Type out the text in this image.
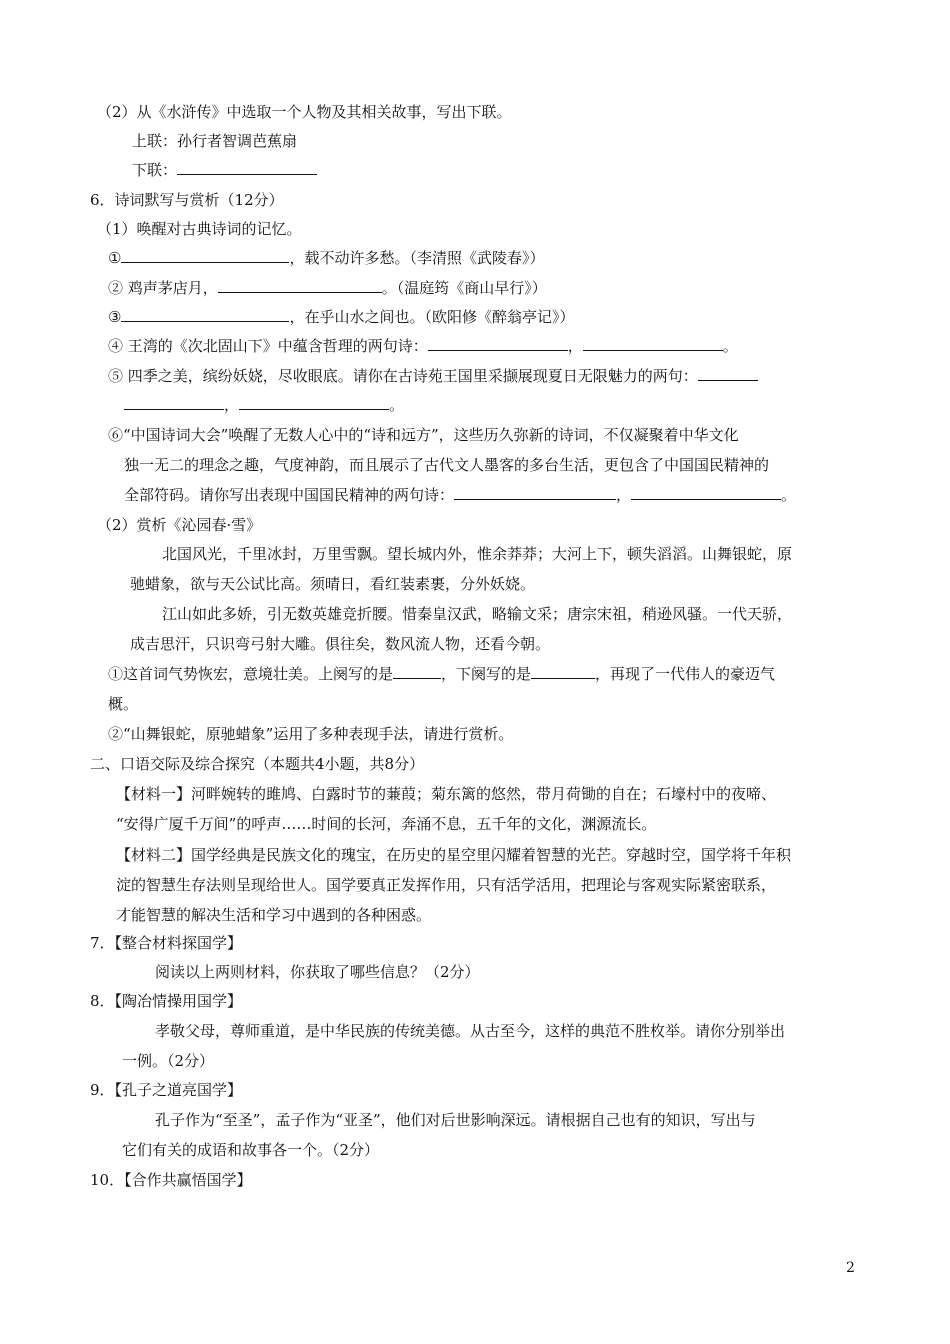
（2）从《水浒传》中选取一个人物及其相关故事，写出下联。
上联：孙行者智调芭蕉扇
下联：
6．诗词默写与赏析（12分）
（1）唤醒对古典诗词的记忆。
①	，载不动许多愁。（李清照《武陵春》）
② 鸡声茅店月，	。（温庭筠《商山早行》）
③	，在乎山水之间也。（欧阳修《醉翁亭记》）
④ 王湾的《次北固山下》中蕴含哲理的两句诗：	，	。
⑤ 四季之美，缤纷妖娆，尽收眼底。请你在古诗苑王国里采撷展现夏日无限魅力的两句：
，	。
⑥“中国诗词大会”唤醒了无数人心中的“诗和远方”，这些历久弥新的诗词，不仅凝聚着中华文化
独一无二的理念之趣，气度神韵，而且展示了古代文人墨客的多台生活，更包含了中国国民精神的
全部符码。请你写出表现中国国民精神的两句诗：	，	。
（2）赏析《沁园春·雪》
北国风光，千里冰封，万里雪飘。望长城内外，惟余莽莽；大河上下，顿失滔滔。山舞银蛇，原
驰蜡象，欲与天公试比高。须晴日，看红装素裹，分外妖娆。
江山如此多娇，引无数英雄竞折腰。惜秦皇汉武，略输文采；唐宗宋祖，稍逊风骚。一代天骄，
成吉思汗，只识弯弓射大雕。俱往矣，数风流人物，还看今朝。
①这首词气势恢宏，意境壮美。上阕写的是	，下阕写的是	，再现了一代伟人的豪迈气
概。
②“山舞银蛇，原驰蜡象”运用了多种表现手法，请进行赏析。
二、口语交际及综合探究（本题共4小题，共8分）
【材料一】河畔婉转的雎鸠、白露时节的蒹葭；菊东篱的悠然，带月荷锄的自在；石壕村中的夜啼、
“安得广厦千万间”的呼声……时间的长河，奔涌不息，五千年的文化，渊源流长。
【材料二】国学经典是民族文化的瑰宝，在历史的星空里闪耀着智慧的光芒。穿越时空，国学将千年积
淀的智慧生存法则呈现给世人。国学要真正发挥作用，只有活学活用，把理论与客观实际紧密联系，
才能智慧的解决生活和学习中遇到的各种困惑。
7．【整合材料探国学】
阅读以上两则材料，你获取了哪些信息？（2分）
8．【陶冶情操用国学】
孝敬父母，尊师重道，是中华民族的传统美德。从古至今，这样的典范不胜枚举。请你分别举出
一例。（2分）
9．【孔子之道亮国学】
孔子作为“至圣”，孟子作为“亚圣”，他们对后世影响深远。请根据自己也有的知识，写出与
它们有关的成语和故事各一个。（2分）
10．【合作共赢悟国学】
2
